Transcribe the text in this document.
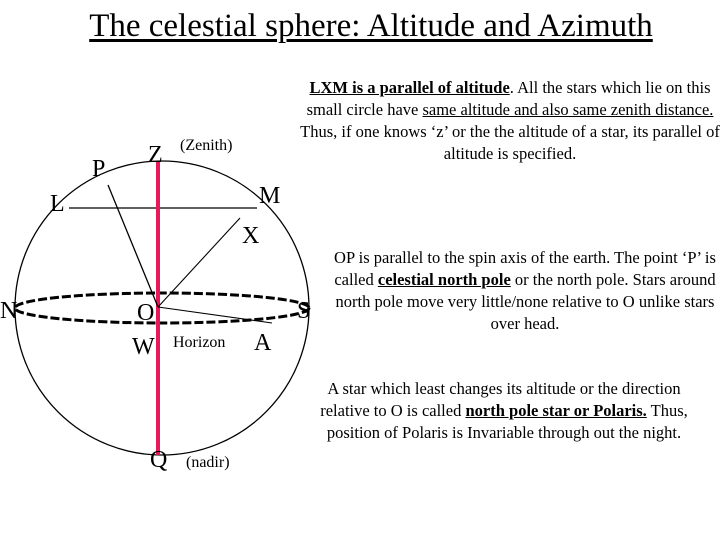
The celestial sphere: Altitude and Azimuth
Z (Zenith)
P
L	M
X
N	O	S
W Horizon A
Q (nadir)
LXM is a parallel of altitude. All the stars which lie on this small circle have same altitude and also same zenith distance. Thus, if one knows ‘z’ or the the altitude of a star, its parallel of altitude is specified.
OP is parallel to the spin axis of the earth. The point ‘P’ is called celestial north pole or the north pole. Stars around north pole move very little/none relative to O unlike stars over head.
A star which least changes its altitude or the direction relative to O is called north pole star or Polaris. Thus, position of Polaris is Invariable through out the night.
